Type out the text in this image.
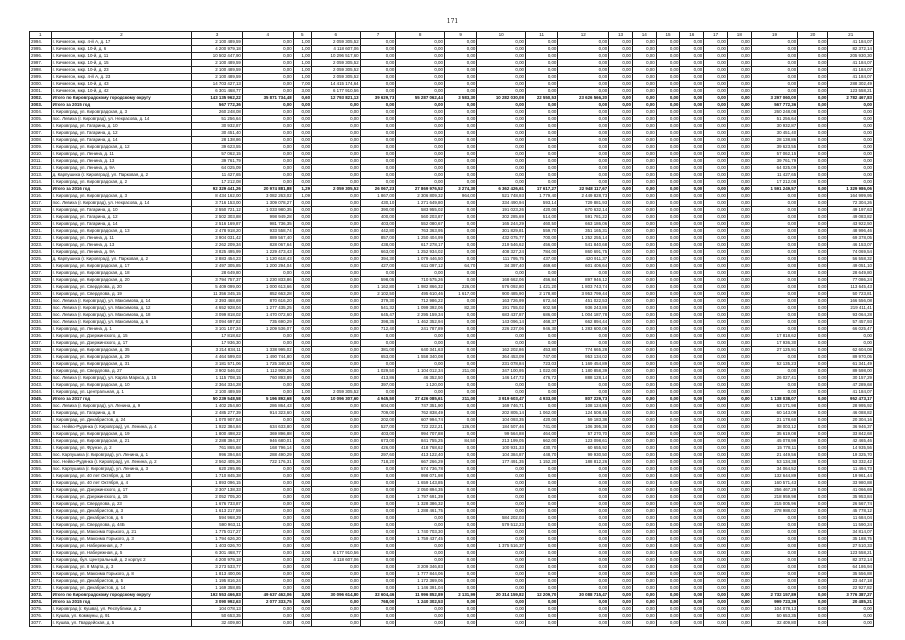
171
1	2	3	4	5	6	7	8	9	10	11	12	13	14	15	16	17	18	19	20	21
2994.	г. Кичмегон, мкр. 4-й А, д. 17	2 100 489,59	0,00	1,00	2 059 305,52	0,00	0,00	0,00	0,00	0,00	0,00	0,00	0,00	0,00	0,00	0,00	0,00	0,00	0,00	41 184,07
2995.	г. Кичмегон, мкр. 10-й, д. 6	4 200 979,18	0,00	1,00	4 118 607,06	0,00	0,00	0,00	0,00	0,00	0,00	0,00	0,00	0,00	0,00	0,00	0,00	0,00	0,00	82 372,14
2996.	г. Кичмегон, мкр. 10-й, д. 11	10 502 447,90	0,00	1,00	10 296 517,60	0,00	0,00	0,00	0,00	0,00	0,00	0,00	0,00	0,00	0,00	0,00	0,00	0,00	0,00	205 930,30
2997.	г. Кичмегон, мкр. 10-й, д. 15	2 100 489,59	0,00	1,00	2 059 305,52	0,00	0,00	0,00	0,00	0,00	0,00	0,00	0,00	0,00	0,00	0,00	0,00	0,00	0,00	41 184,07
2998.	г. Кичмегон, мкр. 10-й, д. 23	2 100 489,59	0,00	1,00	2 059 305,52	0,00	0,00	0,00	0,00	0,00	0,00	0,00	0,00	0,00	0,00	0,00	0,00	0,00	0,00	41 184,07
2999.	г. Кичмегон, мкр. 4-й А, д. 23	2 100 489,59	0,00	1,00	2 059 305,52	0,00	0,00	0,00	0,00	0,00	0,00	0,00	0,00	0,00	0,00	0,00	0,00	0,00	0,00	41 184,07
3000.	г. Кичмегон, мкр. 10-й, д. 43	14 703 427,13	0,00	7,00	14 415 174,64	0,00	0,00	0,00	0,00	0,00	0,00	0,00	0,00	0,00	0,00	0,00	0,00	0,00	0,00	288 302,49
3001.	г. Кичмегон, мкр. 10-й, д. 42	6 301 468,77	0,00	3,00	6 177 910,56	0,00	0,00	0,00	0,00	0,00	0,00	0,00	0,00	0,00	0,00	0,00	0,00	0,00	0,00	123 558,21
3002.	Итого по Кировградскому городскому округу	143 135 962,22	35 871 734,48	0,60	12 793 821,13	39 629,73	55 287 062,44	3 583,30	10 282 030,08	22 550,53	23 626 566,20	0,00	0,00	0,00	0,00	0,00	0,00	3 297 060,00	0,00	2 782 467,83
3003.	Итого за 2015 год	567 772,36	0,00	0,00	0,00	0,00	0,00	0,00	0,00	0,00	0,00	0,00	0,00	0,00	0,00	0,00	0,00	567 772,36	0,00	0,00
3004.	г. Кировград, ул. Кировградская, д. 3	260 248,08	0,00	0,00	0,00	0,00	0,00	0,00	0,00	0,00	0,00	0,00	0,00	0,00	0,00	0,00	0,00	260 248,08	0,00	0,00
3005.	пос. Левиха (г. Кировград), ул. Некрасова, д. 14	51 256,64	0,00	0,00	0,00	0,00	0,00	0,00	0,00	0,00	0,00	0,00	0,00	0,00	0,00	0,00	0,00	51 256,64	0,00	0,00
3006.	г. Кировград, ул. Гагарина, д. 10	30 932,87	0,00	0,00	0,00	0,00	0,00	0,00	0,00	0,00	0,00	0,00	0,00	0,00	0,00	0,00	0,00	30 932,87	0,00	0,00
3007.	г. Кировград, ул. Гагарина, д. 12	30 451,40	0,00	0,00	0,00	0,00	0,00	0,00	0,00	0,00	0,00	0,00	0,00	0,00	0,00	0,00	0,00	30 451,40	0,00	0,00
3008.	г. Кировград, ул. Гагарина, д. 14	28 138,86	0,00	0,00	0,00	0,00	0,00	0,00	0,00	0,00	0,00	0,00	0,00	0,00	0,00	0,00	0,00	28 138,86	0,00	0,00
3009.	г. Кировград, ул. Кировградская, д. 12	39 623,55	0,00	0,00	0,00	0,00	0,00	0,00	0,00	0,00	0,00	0,00	0,00	0,00	0,00	0,00	0,00	39 623,55	0,00	0,00
3010.	г. Кировград, ул. Ленина, д. 11	57 062,15	0,00	0,00	0,00	0,00	0,00	0,00	0,00	0,00	0,00	0,00	0,00	0,00	0,00	0,00	0,00	57 062,15	0,00	0,00
3011.	г. Кировград, ул. Ленина, д. 13	39 761,79	0,00	0,00	0,00	0,00	0,00	0,00	0,00	0,00	0,00	0,00	0,00	0,00	0,00	0,00	0,00	39 761,79	0,00	0,00
3012.	г. Кировград, ул. Ленина, д. 9А	64 025,09	0,00	0,00	0,00	0,00	0,00	0,00	0,00	0,00	0,00	0,00	0,00	0,00	0,00	0,00	0,00	64 025,09	0,00	0,00
3013.	д. Карпушиха (г. Кировград), ул. Парковая, д. 2	11 427,65	0,00	0,00	0,00	0,00	0,00	0,00	0,00	0,00	0,00	0,00	0,00	0,00	0,00	0,00	0,00	11 427,65	0,00	0,00
3014.	г. Кировград, ул. Кировградская, д. 2	17 212,08	0,00	0,00	0,00	0,00	0,00	0,00	0,00	0,00	0,00	0,00	0,00	0,00	0,00	0,00	0,00	17 212,08	0,00	0,00
3015.	Итого за 2016 год	92 329 441,26	20 974 881,88	1,29	2 059 305,52	26 067,23	27 869 976,52	3 274,30	6 362 426,61	17 617,27	22 948 117,67	0,00	0,00	0,00	0,00	0,00	0,00	1 591 249,57	0,00	1 329 986,06
3016.	г. Кировград, ул. Кировградская, д. 3	8 434 162,00	3 082 263,02	1,09	0,00	1 867,00	2 306 809,32	964,00	521 748,93	1 779,40	2 449 828,73	0,00	0,00	0,00	0,00	0,00	0,00	0,00	0,00	164 999,95
3017.	пос. Левиха (г. Кировград), ул. Некрасова, д. 14	3 716 153,00	1 309 078,27	0,00	0,00	430,10	1 271 649,80	0,00	334 490,94	593,14	729 881,93	0,00	0,00	0,00	0,00	0,00	0,00	0,00	0,00	72 304,26
3018.	г. Кировград, ул. Гагарина, д. 10	2 550 721,12	1 033 980,35	0,00	0,00	390,00	583 955,02	0,00	191 023,26	420,00	670 632,14	0,00	0,00	0,00	0,00	0,00	0,00	0,00	0,00	49 197,63
3019.	г. Кировград, ул. Гагарина, д. 12	2 502 303,88	998 949,28	0,00	0,00	400,00	560 203,87	0,00	302 285,69	514,00	591 781,22	0,00	0,00	0,00	0,00	0,00	0,00	0,00	0,00	49 083,82
3020.	г. Кировград, ул. Гагарина, д. 14	2 516 169,87	981 736,35	0,00	0,00	403,00	552 080,67	0,00	165 244,29	460,50	663 186,06	0,00	0,00	0,00	0,00	0,00	0,00	0,00	0,00	43 922,50
3021.	г. Кировград, ул. Кировградская, д. 13	2 478 918,20	933 558,74	0,00	0,00	442,80	763 363,95	0,00	301 829,81	559,70	351 165,31	0,00	0,00	0,00	0,00	0,00	0,00	0,00	0,00	48 996,46
3022.	г. Кировград, ул. Ленина, д. 11	3 904 031,42	889 567,40	0,00	0,00	857,00	1 250 404,99	0,00	432 075,77	700,00	1 252 255,14	0,00	0,00	0,00	0,00	0,00	0,00	0,00	0,00	69 378,05
3023.	г. Кировград, ул. Ленина, д. 13	2 262 209,34	828 067,64	0,00	0,00	438,00	617 278,17	0,00	219 546,62	456,00	541 840,68	0,00	0,00	0,00	0,00	0,00	0,00	0,00	0,00	46 153,07
3024.	г. Кировград, ул. Ленина, д. 9А	3 825 495,99	1 229 473,43	0,00	0,00	663,00	1 252 934,02	0,00	408 327,24	784,00	860 691,75	0,00	0,00	0,00	0,00	0,00	0,00	0,00	0,00	74 069,54
3025.	д. Карпушиха (г. Кировград), ул. Парковая, д. 2	2 883 454,23	1 120 618,43	0,00	0,00	394,30	1 079 446,50	0,00	111 795,75	437,00	420 911,37	0,00	0,00	0,00	0,00	0,00	0,00	0,00	0,00	56 558,32
3026.	г. Кировград, ул. Кировградская, д. 17	2 497 305,85	1 200 294,04	0,00	0,00	427,00	611 097,12	64,70	34 397,40	469,60	601 406,64	0,00	0,00	0,00	0,00	0,00	0,00	0,00	0,00	49 051,10
3027.	г. Кировград, ул. Кировградская, д. 18	28 649,80	0,00	0,00	0,00	0,00	0,00	0,00	0,00	0,00	0,00	0,00	0,00	0,00	0,00	0,00	0,00	0,00	0,00	28 649,80
3028.	г. Кировград, ул. Кировградская, д. 20	3 794 757,37	1 230 833,86	0,00	0,00	598,05	710 575,26	0,00	168 662,06	456,84	897 946,12	0,00	0,00	0,00	0,00	0,00	0,00	0,00	0,00	77 086,24
3029.	г. Кировград, ул. Свердлова, д. 20	5 409 099,00	1 000 613,66	0,00	0,00	1 162,80	1 982 866,32	226,00	576 092,80	1 421,20	1 803 743,74	0,00	0,00	0,00	0,00	0,00	0,00	0,00	0,00	113 645,43
3030.	г. Кировград, ул. Свердлова, д. 19	11 356 345,15	852 663,28	0,00	0,00	2 102,50	495 610,46	1 617,00	900 485,90	2 178,80	3 953 799,44	0,00	0,00	0,00	0,00	0,00	0,00	0,00	0,00	50 723,81
3031.	пос. Левиха (г. Кировград), ул. Максимова, д. 14	2 393 468,69	870 616,20	0,00	0,00	379,30	712 986,22	0,00	163 726,99	672,44	451 022,53	0,00	0,00	0,00	0,00	0,00	0,00	0,00	0,00	166 556,08
3032.	пос. Левиха (г. Кировград), ул. Максимова, д. 12	4 652 928,04	1 277 435,25	0,00	0,00	541,32	1 099 392,06	82,30	191 755,02	602,58	936 243,86	0,00	0,00	0,00	0,00	0,00	0,00	0,00	0,00	219 411,41
3033.	пос. Левиха (г. Кировград), ул. Максимова, д. 18	3 099 818,02	1 470 072,60	0,00	0,00	645,47	2 295 159,34	0,00	683 437,87	686,00	1 004 187,78	0,00	0,00	0,00	0,00	0,00	0,00	0,00	0,00	93 064,28
3034.	пос. Левиха (г. Кировград), ул. Максимова, д. 6	3 094 697,82	735 690,29	0,00	0,00	398,35	1 462 352,94	0,00	143 096,14	468,37	662 894,44	0,00	0,00	0,00	0,00	0,00	0,00	0,00	0,00	57 457,93
3035.	г. Кировград, ул. Ленина, д. 1	3 101 107,24	1 209 536,07	0,00	0,00	712,40	241 787,89	0,00	226 237,06	946,30	1 283 600,08	0,00	0,00	0,00	0,00	0,00	0,00	0,00	0,00	66 025,47
3036.	г. Кировград, ул. Дзержинского, д. 15	17 818,62	0,00	0,00	0,00	0,00	0,00	0,00	0,00	0,00	0,00	0,00	0,00	0,00	0,00	0,00	0,00	17 818,62	0,00	0,00
3037.	г. Кировград, ул. Дзержинского, д. 17	17 936,30	0,00	0,00	0,00	0,00	0,00	0,00	0,00	0,00	0,00	0,00	0,00	0,00	0,00	0,00	0,00	17 936,30	0,00	0,00
3038.	г. Кировград, ул. Кировградская, д. 35	3 214 834,11	1 338 995,02	0,00	0,00	381,00	640 341,63	0,00	162 202,86	453,80	774 665,28	0,00	0,00	0,00	0,00	0,00	0,00	27 125,91	0,00	62 604,08
3039.	г. Кировград, ул. Кировградская, д. 29	4 464 599,03	1 490 744,80	0,00	0,00	653,00	1 558 340,08	0,00	364 453,09	747,00	953 134,02	0,00	0,00	0,00	0,00	0,00	0,00	0,00	0,00	89 970,05
3040.	г. Кировград, ул. Кировградская, д. 31	3 181 571,06	1 725 340,63	0,00	0,00	0,00	0,00	0,00	231 078,84	723,03	1 169 454,89	0,00	0,00	0,00	0,00	0,00	0,00	52 135,23	0,00	61 341,49
3041.	г. Кировград, ул. Свердлова, д. 27	3 902 546,02	1 112 908,26	0,00	0,00	1 029,50	1 104 012,34	211,00	347 100,95	1 022,00	1 180 858,39	0,00	0,00	0,00	0,00	0,00	0,00	0,00	0,00	89 598,00
3042.	пос. Левиха (г. Кировград), ул. Карла Маркса, д. 15	1 115 708,15	760 893,89	0,00	0,00	413,86	46 352,50	0,00	146 147,72	476,72	888 128,14	0,00	0,00	0,00	0,00	0,00	0,00	26 027,41	0,00	30 157,29
3043.	г. Кировград, ул. Кировградская, д. 10	2 364 334,28	0,00	0,00	0,00	397,00	1 120,00	0,00	0,00	0,00	0,00	0,00	0,00	0,00	0,00	0,00	0,00	0,00	0,00	47 289,68
3044.	г. Кировград, ул. Центральная, д. 1	2 100 489,59	0,00	1,00	2 059 305,52	0,00	0,00	0,00	0,00	0,00	0,00	0,00	0,00	0,00	0,00	0,00	0,00	0,00	0,00	41 184,07
3045.	Итого за 2017 год	50 239 548,58	5 196 892,68	0,00	10 096 307,60	4 945,50	27 426 085,61	211,00	3 919 603,47	4 933,00	807 229,73	0,00	0,00	0,00	0,00	0,00	0,00	1 138 038,07	0,00	952 473,17
3046.	пос. Левиха (г. Кировград), ул. Ленина, д. 9	1 402 254,80	286 864,43	0,00	0,00	604,00	747 351,90	0,00	169 746,71	0,00	108 124,86	0,00	0,00	0,00	0,00	0,00	0,00	63 171,98	0,00	28 995,92
3047.	г. Кировград, ул. Гагарина, д. 8	2 485 277,39	914 323,60	0,00	0,00	709,00	762 838,49	0,00	202 805,14	1 062,00	124 508,45	0,00	0,00	0,00	0,00	0,00	0,00	60 143,09	0,00	46 088,82
3048.	г. Кировград, ул. Декабристов, д. 24	1 070 907,54	0,00	0,00	0,00	202,00	607 994,74	0,00	104 093,35	420,00	59 183,38	0,00	0,00	0,00	0,00	0,00	0,00	21 178,60	0,00	20 304,16
3049.	пос. Нейво-Рудянка (г. Кировград), ул. Ленина, д. 4	1 922 384,84	634 633,80	0,00	0,00	527,00	722 222,21	126,00	184 507,46	741,00	106 395,38	0,00	0,00	0,00	0,00	0,00	0,00	38 003,12	0,00	36 946,37
3050.	г. Кировград, ул. Кировградская, д. 19	1 800 498,22	369 896,88	0,00	0,00	403,00	994 707,88	0,00	99 564,88	464,00	57 270,70	0,00	0,00	0,00	0,00	0,00	0,00	35 619,08	0,00	33 842,68
3051.	г. Кировград, ул. Кировградская, д. 21	2 288 394,37	946 680,01	0,00	0,00	673,00	841 755,25	84,50	213 199,05	662,00	123 098,61	0,00	0,00	0,00	0,00	0,00	0,00	45 078,99	0,00	42 465,46
3052.	г. Кировград, ул. Фрунзе, д. 2	761 865,68	168 796,14	0,00	0,00	426,00	418 768,62	0,00	100 931,33	430,70	60 655,92	0,00	0,00	0,00	0,00	0,00	0,00	15 778,11	0,00	14 935,56
3053.	пос. Карпушиха (г. Кировград), ул. Ленина, д. 1	996 394,84	288 490,29	0,00	0,00	297,60	413 122,40	0,00	104 384,87	448,70	99 930,50	0,00	0,00	0,00	0,00	0,00	0,00	21 449,56	0,00	19 325,70
3054.	пос. Нейво-Рудянка (г. Кировград), ул. Ленина, д. 2	2 562 405,26	722 176,31	0,00	0,00	718,20	667 266,29	0,00	177 491,35	1 152,20	188 812,26	0,00	0,00	0,00	0,00	0,00	0,00	53 134,38	0,00	53 332,42
3055.	пос. Карпушиха (г. Кировград), ул. Ленина, д. 3	620 295,95	0,00	0,00	0,00	0,00	574 736,78	0,00	0,00	0,00	0,00	0,00	0,00	0,00	0,00	0,00	0,00	34 064,52	0,00	11 494,73
3056.	г. Кировград, ул. 40 лет Октября, д. 18	1 710 845,38	0,00	0,00	0,00	0,00	998 071,98	0,00	0,00	0,00	0,00	0,00	0,00	0,00	0,00	0,00	0,00	132 644,89	0,00	19 961,44
3057.	г. Кировград, ул. 40 лет Октября, д. 4	1 893 096,15	0,00	0,00	0,00	0,00	1 659 143,85	0,00	0,00	0,00	0,00	0,00	0,00	0,00	0,00	0,00	0,00	160 571,43	0,00	33 980,88
3058.	г. Кировград, ул. Дзержинского, д. 17	2 307 138,33	0,00	0,00	0,00	0,00	2 050 894,35	0,00	0,00	0,00	0,00	0,00	0,00	0,00	0,00	0,00	0,00	256 467,29	0,00	41 066,69
3059.	г. Кировград, ул. Дзержинского, д. 15	2 052 705,20	0,00	0,00	0,00	0,00	1 797 691,39	0,00	0,00	0,00	0,00	0,00	0,00	0,00	0,00	0,00	0,00	218 959,98	0,00	35 953,84
3060.	г. Кировград, ул. Свердлова, д. 23	1 676 733,87	0,00	0,00	0,00	0,00	1 328 386,32	0,00	0,00	0,00	0,00	0,00	0,00	0,00	0,00	0,00	0,00	215 005,96	0,00	26 567,74
3061.	г. Кировград, ул. Декабристов, д. 3	1 613 217,59	0,00	0,00	0,00	0,00	1 288 461,75	0,00	0,00	0,00	0,00	0,00	0,00	0,00	0,00	0,00	0,00	278 988,02	0,00	45 778,12
3062.	г. Кировград, ул. Декабристов, д. 6	594 968,29	0,00	0,00	0,00	0,00	0,00	0,00	584 202,03	0,00	0,00	0,00	0,00	0,00	0,00	0,00	0,00	0,00	0,00	11 684,04
3063.	г. Кировград, ул. Свердлова, д. 44Б	590 963,11	0,00	0,00	0,00	0,00	0,00	0,00	579 512,23	0,00	0,00	0,00	0,00	0,00	0,00	0,00	0,00	0,00	0,00	11 590,24
3064.	г. Кировград, ул. Максима Горького, д. 21	1 775 017,27	0,00	0,00	0,00	0,00	1 740 703,30	0,00	0,00	0,00	0,00	0,00	0,00	0,00	0,00	0,00	0,00	0,00	0,00	34 814,07
3065.	г. Кировград, ул. Максима Горького, д. 3	1 794 626,20	0,00	0,00	0,00	0,00	1 759 437,45	0,00	0,00	0,00	0,00	0,00	0,00	0,00	0,00	0,00	0,00	0,00	0,00	35 188,75
3066.	г. Кировград, ул. Набережная, д. 7	1 403 026,70	0,00	0,00	0,00	0,00	0,00	0,00	1 375 516,37	0,00	0,00	0,00	0,00	0,00	0,00	0,00	0,00	0,00	0,00	27 510,33
3067.	г. Кировград, ул. Набережная, д. 5	6 301 468,77	0,00	3,00	6 177 910,56	0,00	0,00	0,00	0,00	0,00	0,00	0,00	0,00	0,00	0,00	0,00	0,00	0,00	0,00	123 558,21
3068.	г. Кировград, бул. Центральный, д. 2 корпус 2	4 200 979,18	0,00	2,00	4 118 607,06	0,00	0,00	0,00	0,00	0,00	0,00	0,00	0,00	0,00	0,00	0,00	0,00	0,00	0,00	82 372,14
3069.	г. Кировград, ул. 8 Марта, д. 3	3 273 533,77	0,00	0,00	0,00	0,00	3 209 346,83	0,00	0,00	0,00	0,00	0,00	0,00	0,00	0,00	0,00	0,00	0,00	0,00	64 186,94
3070.	г. Кировград, ул. Максима Горького, д. 8	1 813 400,06	0,00	0,00	0,00	0,00	1 777 844,06	0,00	0,00	0,00	0,00	0,00	0,00	0,00	0,00	0,00	0,00	0,00	0,00	35 556,88
3071.	г. Кировград, ул. Декабристов, д. 5	1 195 816,24	0,00	0,00	0,00	0,00	1 172 369,06	0,00	0,00	0,00	0,00	0,00	0,00	0,00	0,00	0,00	0,00	0,00	0,00	23 447,18
3072.	г. Кировград, ул. Декабристов, д. 14	1 169 358,85	0,00	0,00	0,00	0,00	1 146 391,04	0,00	0,00	0,00	0,00	0,00	0,00	0,00	0,00	0,00	0,00	0,00	0,00	22 927,82
3073.	Итого по Кировградскому городскому округу	192 553 466,83	49 637 462,06	3,00	30 096 614,80	32 604,46	11 996 852,89	2 131,99	20 314 159,82	12 209,70	30 088 715,47	0,00	0,00	0,00	0,00	0,00	0,00	2 732 157,89	0,00	3 776 387,27
3074.	Итого за 2015 год	3 090 992,63	2 077 333,75	0,00	0,00	768,00	1 240 302,53	0,00	0,00	0,00	0,00	0,00	0,00	0,00	0,00	0,00	0,00	999 723,39	0,00	20 485,21
3075.	г. Кировград (г. Кушва), ул. Республики, д. 2	104 078,13	0,00	0,00	0,00	0,00	0,00	0,00	0,00	0,00	0,00	0,00	0,00	0,00	0,00	0,00	0,00	104 078,13	0,00	0,00
3076.	г. Кушва, ул. Коммуны, д. 91	50 653,35	0,00	0,00	0,00	0,00	0,00	0,00	0,00	0,00	0,00	0,00	0,00	0,00	0,00	0,00	0,00	50 653,35	0,00	0,00
3077.	г. Кушва, ул. Гвардейская, д. 5	32 409,80	0,00	0,00	0,00	0,00	0,00	0,00	0,00	0,00	0,00	0,00	0,00	0,00	0,00	0,00	0,00	32 409,80	0,00	0,00
